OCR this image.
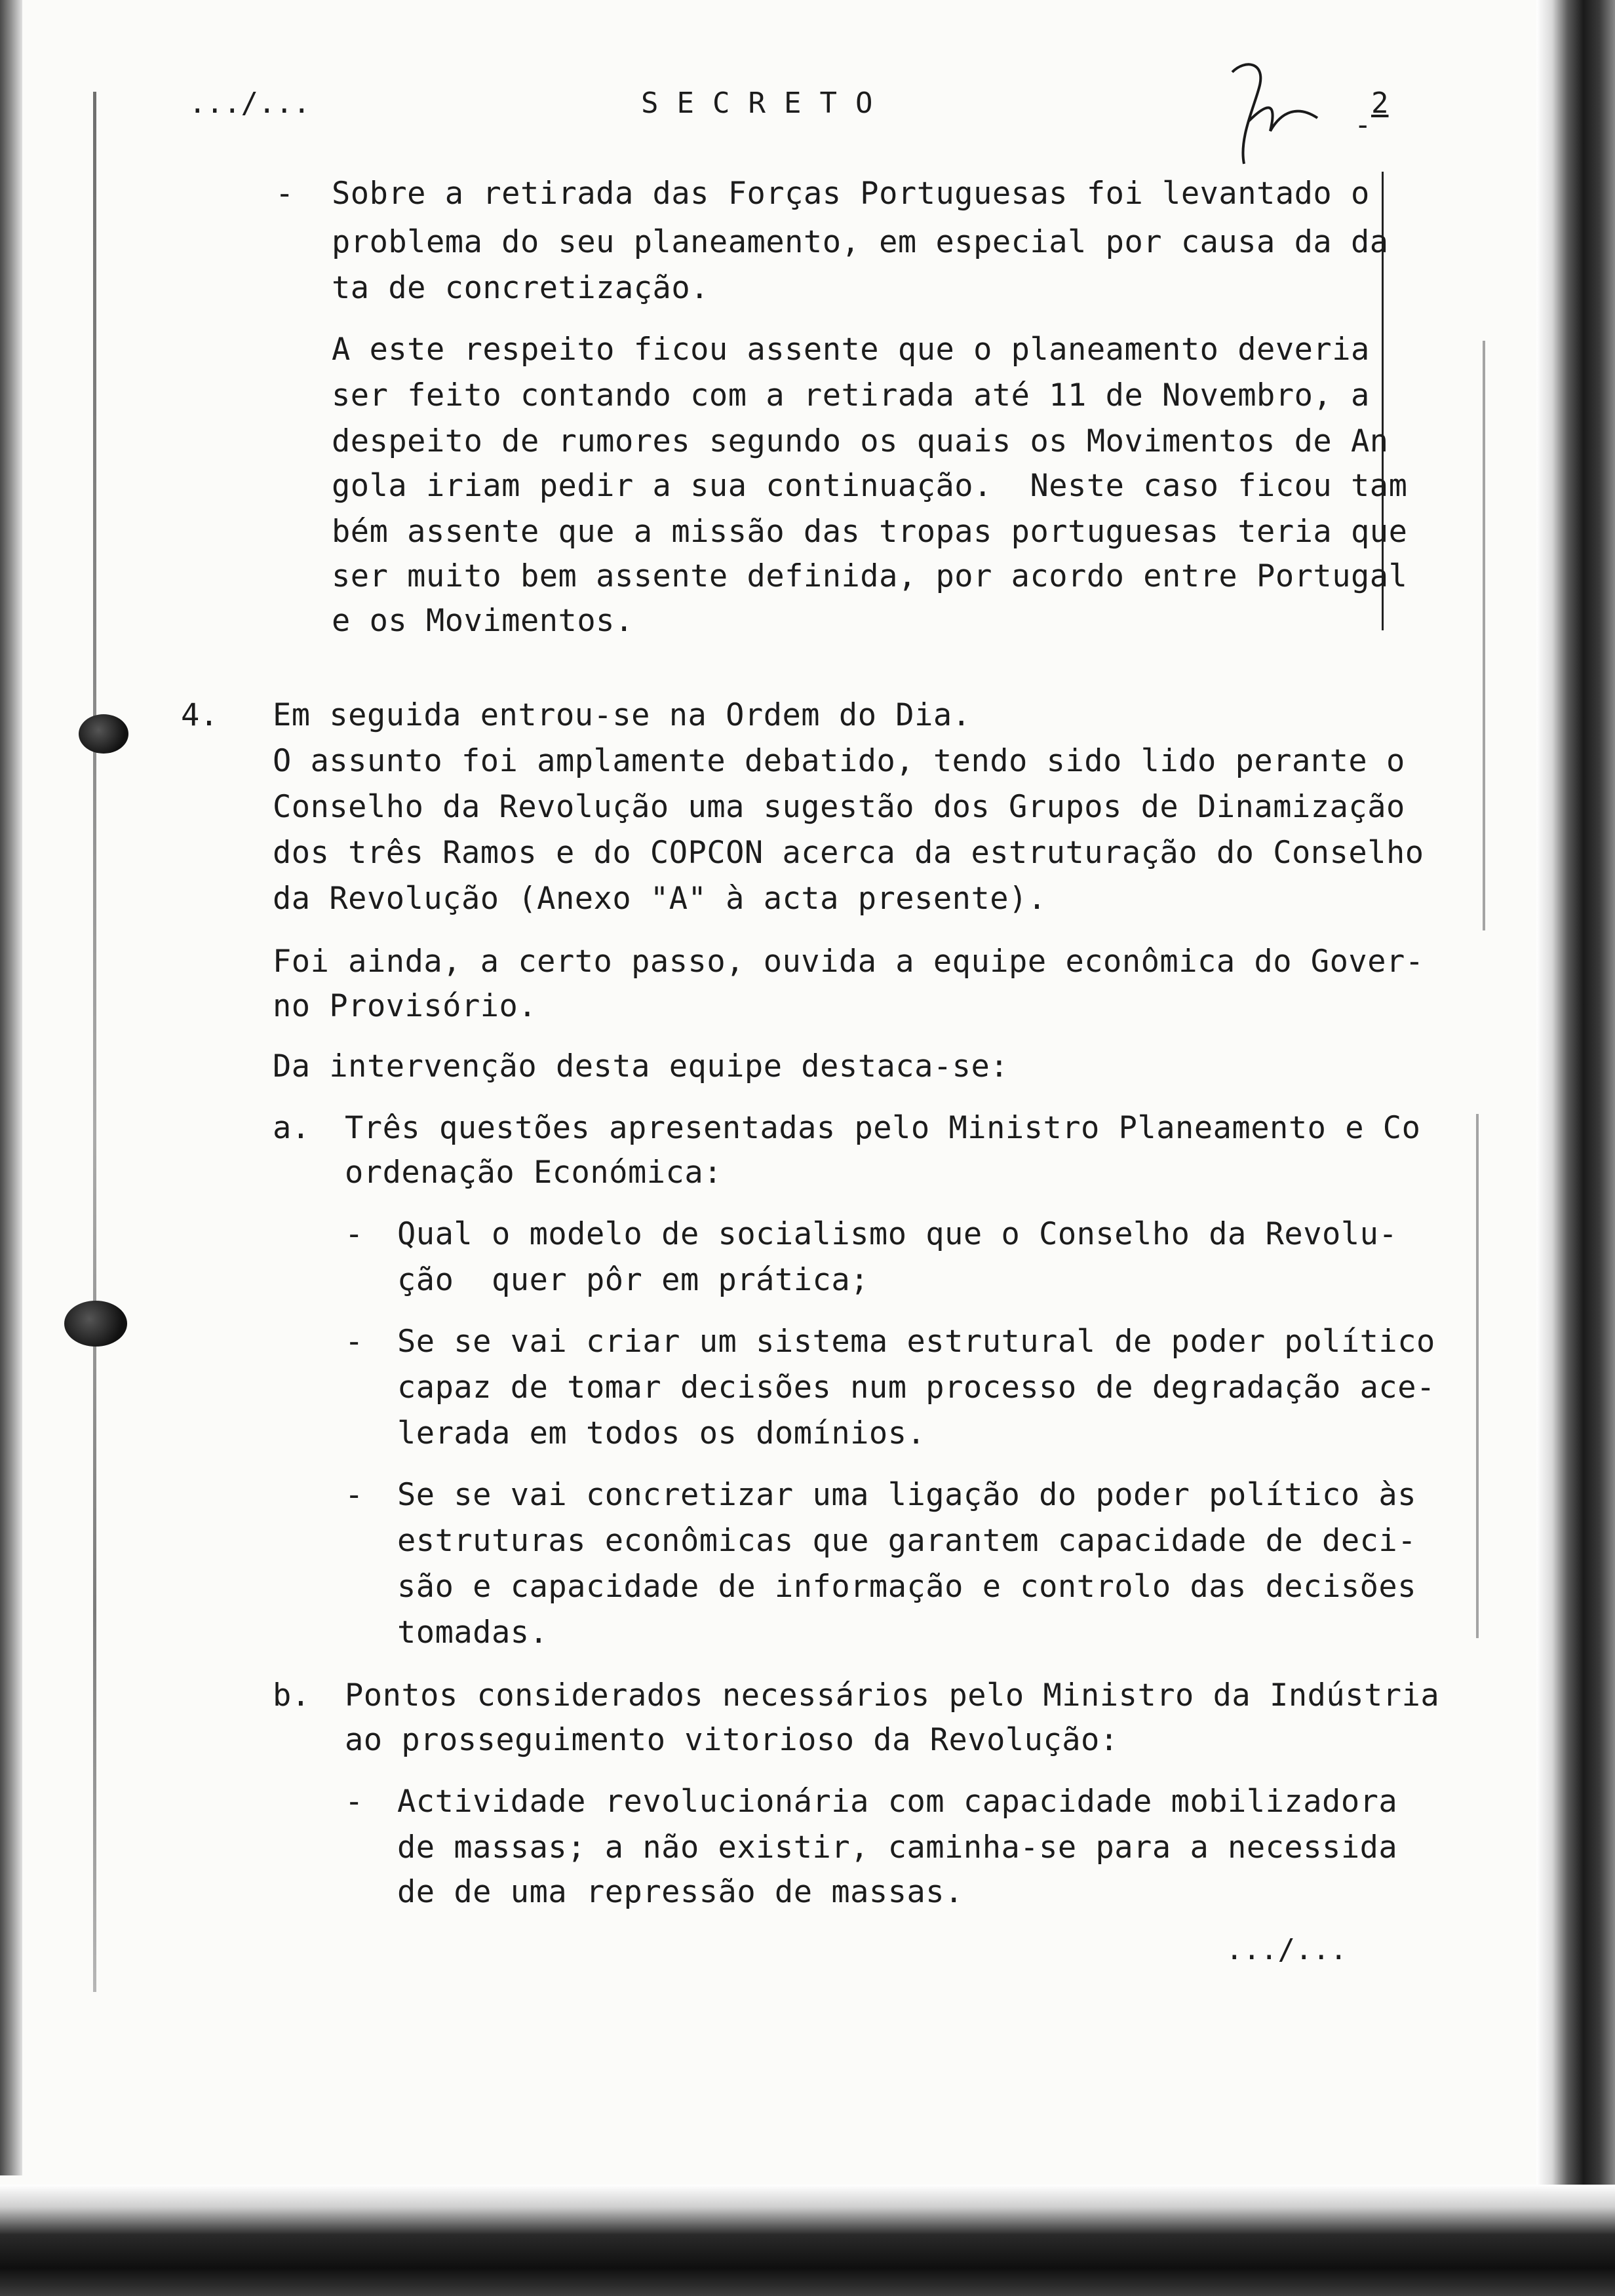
.../...	SECRETO
-
2
- Sobre a retirada das Forças Portuguesas foi levantado o
problema do seu planeamento, em especial por causa da da
ta de concretização.
A este respeito ficou assente que o planeamento deveria
ser feito contando com a retirada até 11 de Novembro, a
despeito de rumores segundo os quais os Movimentos de An
gola iriam pedir a sua continuação.  Neste caso ficou tam
bém assente que a missão das tropas portuguesas teria que
ser muito bem assente definida, por acordo entre Portugal
e os Movimentos.
4. Em seguida entrou-se na Ordem do Dia.
O assunto foi amplamente debatido, tendo sido lido perante o
Conselho da Revolução uma sugestão dos Grupos de Dinamização
dos três Ramos e do COPCON acerca da estruturação do Conselho
da Revolução (Anexo "A" à acta presente).
Foi ainda, a certo passo, ouvida a equipe econômica do Gover-
no Provisório.
Da intervenção desta equipe destaca-se:
a. Três questões apresentadas pelo Ministro Planeamento e Co
ordenação Económica:
- Qual o modelo de socialismo que o Conselho da Revolu-
ção  quer pôr em prática;
- Se se vai criar um sistema estrutural de poder político
capaz de tomar decisões num processo de degradação ace-
lerada em todos os domínios.
- Se se vai concretizar uma ligação do poder político às
estruturas econômicas que garantem capacidade de deci-
são e capacidade de informação e controlo das decisões
tomadas.
b. Pontos considerados necessários pelo Ministro da Indústria
ao prosseguimento vitorioso da Revolução:
- Actividade revolucionária com capacidade mobilizadora
de massas; a não existir, caminha-se para a necessida
de de uma repressão de massas.
.../...
